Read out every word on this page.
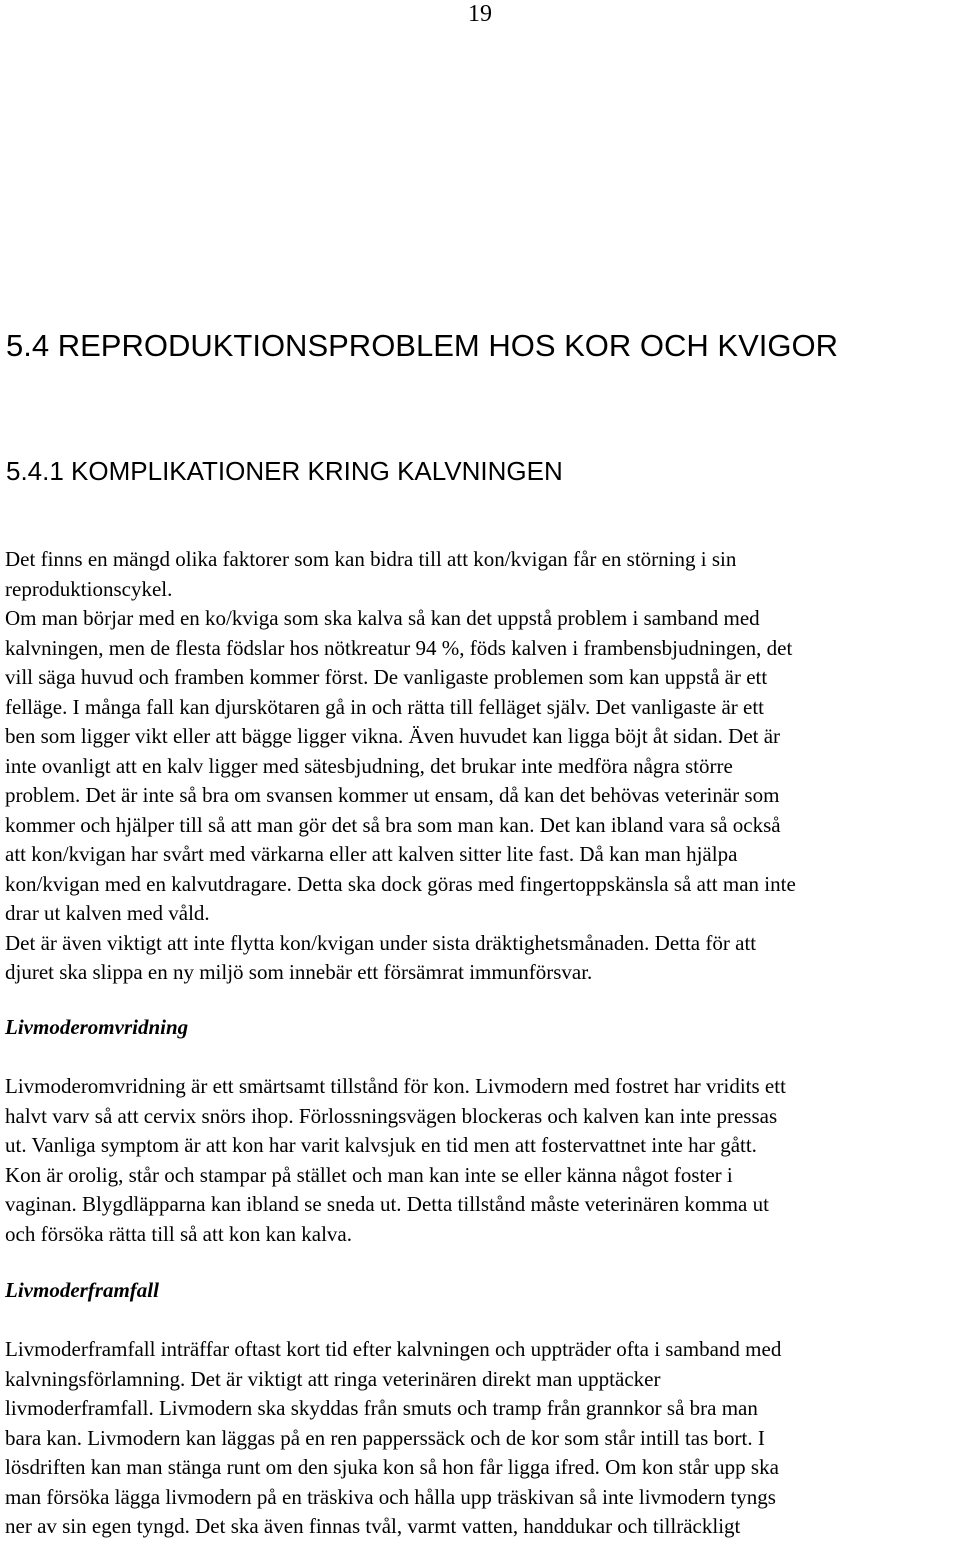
19
5.4 REPRODUKTIONSPROBLEM HOS KOR OCH KVIGOR
5.4.1 KOMPLIKATIONER KRING KALVNINGEN
Det finns en mängd olika faktorer som kan bidra till att kon/kvigan får en störning i sin
reproduktionscykel.
Om man börjar med en ko/kviga som ska kalva så kan det uppstå problem i samband med
kalvningen, men de flesta födslar hos nötkreatur 94 %, föds kalven i frambensbjudningen, det
vill säga huvud och framben kommer först. De vanligaste problemen som kan uppstå är ett
felläge. I många fall kan djurskötaren gå in och rätta till felläget själv. Det vanligaste är ett
ben som ligger vikt eller att bägge ligger vikna. Även huvudet kan ligga böjt åt sidan. Det är
inte ovanligt att en kalv ligger med sätesbjudning, det brukar inte medföra några större
problem. Det är inte så bra om svansen kommer ut ensam, då kan det behövas veterinär som
kommer och hjälper till så att man gör det så bra som man kan. Det kan ibland vara så också
att kon/kvigan har svårt med värkarna eller att kalven sitter lite fast. Då kan man hjälpa
kon/kvigan med en kalvutdragare. Detta ska dock göras med fingertoppskänsla så att man inte
drar ut kalven med våld.
Det är även viktigt att inte flytta kon/kvigan under sista dräktighetsmånaden. Detta för att
djuret ska slippa en ny miljö som innebär ett försämrat immunförsvar.
Livmoderomvridning
Livmoderomvridning är ett smärtsamt tillstånd för kon. Livmodern med fostret har vridits ett
halvt varv så att cervix snörs ihop. Förlossningsvägen blockeras och kalven kan inte pressas
ut. Vanliga symptom är att kon har varit kalvsjuk en tid men att fostervattnet inte har gått.
Kon är orolig, står och stampar på stället och man kan inte se eller känna något foster i
vaginan. Blygdläpparna kan ibland se sneda ut. Detta tillstånd måste veterinären komma ut
och försöka rätta till så att kon kan kalva.
Livmoderframfall
Livmoderframfall inträffar oftast kort tid efter kalvningen och uppträder ofta i samband med
kalvningsförlamning. Det är viktigt att ringa veterinären direkt man upptäcker
livmoderframfall. Livmodern ska skyddas från smuts och tramp från grannkor så bra man
bara kan. Livmodern kan läggas på en ren papperssäck och de kor som står intill tas bort. I
lösdriften kan man stänga runt om den sjuka kon så hon får ligga ifred. Om kon står upp ska
man försöka lägga livmodern på en träskiva och hålla upp träskivan så inte livmodern tyngs
ner av sin egen tyngd. Det ska även finnas tvål, varmt vatten, handdukar och tillräckligt
